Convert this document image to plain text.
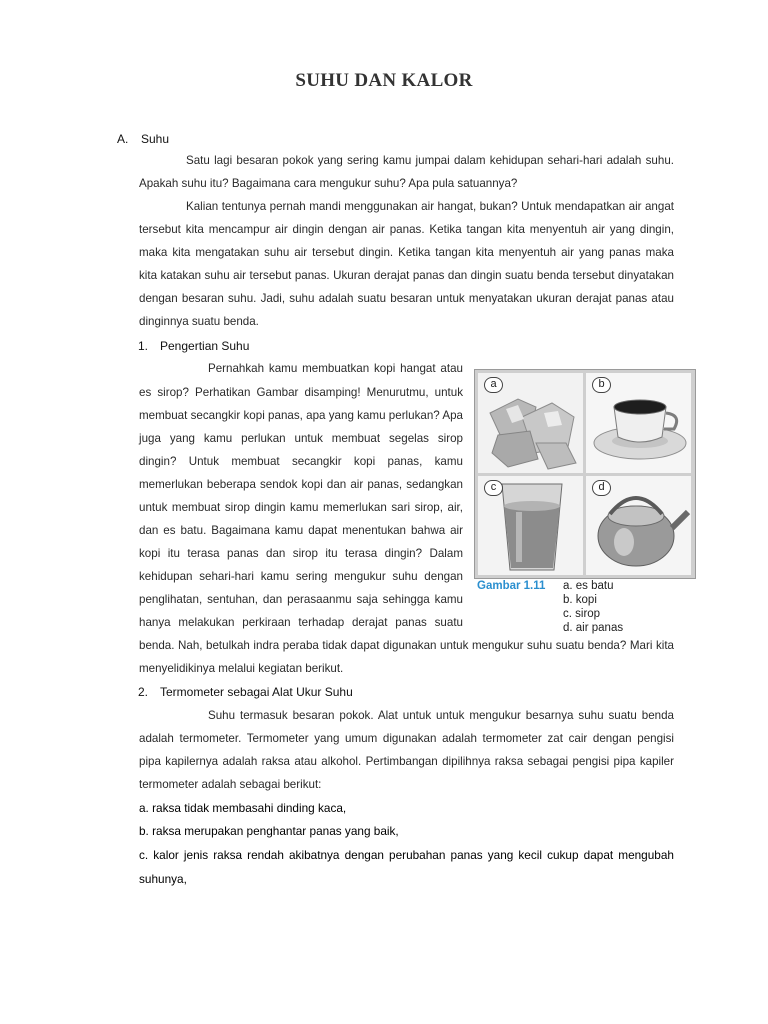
SUHU DAN KALOR
A. Suhu
Satu lagi besaran pokok yang sering kamu jumpai dalam kehidupan sehari-hari adalah suhu.
Apakah suhu itu? Bagaimana cara mengukur suhu? Apa pula satuannya?
Kalian tentunya pernah mandi menggunakan air hangat, bukan? Untuk mendapatkan air angat
tersebut kita mencampur air dingin dengan air panas. Ketika tangan kita menyentuh air yang dingin,
maka kita mengatakan suhu air tersebut dingin. Ketika tangan kita menyentuh air yang panas maka
kita katakan suhu air tersebut panas. Ukuran derajat panas dan dingin suatu benda tersebut dinyatakan
dengan besaran suhu. Jadi, suhu adalah suatu besaran untuk menyatakan ukuran derajat panas atau
dinginnya suatu benda.
1. Pengertian Suhu
Pernahkah kamu membuatkan kopi hangat atau
es sirop? Perhatikan Gambar disamping! Menurutmu, untuk
membuat secangkir kopi panas, apa yang kamu perlukan? Apa
juga yang kamu perlukan untuk membuat segelas sirop
dingin? Untuk membuat secangkir kopi panas, kamu
memerlukan beberapa sendok kopi dan air panas, sedangkan
untuk membuat sirop dingin kamu memerlukan sari sirop, air,
dan es batu. Bagaimana kamu dapat menentukan bahwa air
kopi itu terasa panas dan sirop itu terasa dingin? Dalam
kehidupan sehari-hari kamu sering mengukur suhu dengan
penglihatan, sentuhan, dan perasaanmu saja sehingga kamu
hanya melakukan perkiraan terhadap derajat panas suatu
benda. Nah, betulkah indra peraba tidak dapat digunakan untuk mengukur suhu suatu benda? Mari kita
menyelidikinya melalui kegiatan berikut.
a	b
c	d
Gambar 1.11 a. es batu
b. kopi
c. sirop
d. air panas
2. Termometer sebagai Alat Ukur Suhu
Suhu termasuk besaran pokok. Alat untuk untuk mengukur besarnya suhu suatu benda
adalah termometer. Termometer yang umum digunakan adalah termometer zat cair dengan pengisi
pipa kapilernya adalah raksa atau alkohol. Pertimbangan dipilihnya raksa sebagai pengisi pipa kapiler
termometer adalah sebagai berikut:
a. raksa tidak membasahi dinding kaca,
b. raksa merupakan penghantar panas yang baik,
c. kalor jenis raksa rendah akibatnya dengan perubahan panas yang kecil cukup dapat mengubah
suhunya,
